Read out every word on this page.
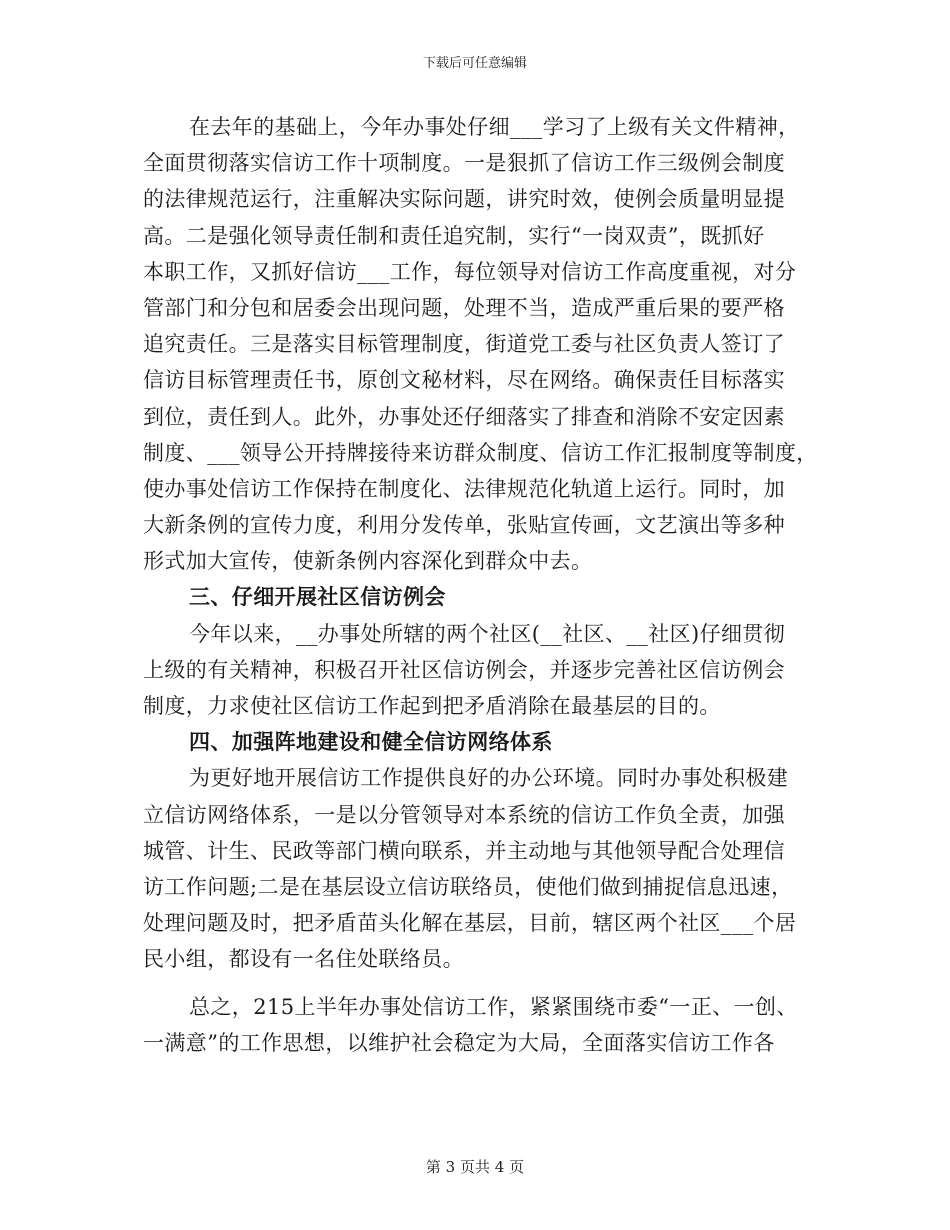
下载后可任意编辑
在去年的基础上，今年办事处仔细___学习了上级有关文件精神，
全面贯彻落实信访工作十项制度。一是狠抓了信访工作三级例会制度
的法律规范运行，注重解决实际问题，讲究时效，使例会质量明显提
高。二是强化领导责任制和责任追究制，实行“一岗双责”，既抓好
本职工作，又抓好信访___工作，每位领导对信访工作高度重视，对分
管部门和分包和居委会出现问题，处理不当，造成严重后果的要严格
追究责任。三是落实目标管理制度，街道党工委与社区负责人签订了
信访目标管理责任书，原创文秘材料，尽在网络。确保责任目标落实
到位，责任到人。此外，办事处还仔细落实了排查和消除不安定因素
制度、___领导公开持牌接待来访群众制度、信访工作汇报制度等制度，
使办事处信访工作保持在制度化、法律规范化轨道上运行。同时，加
大新条例的宣传力度，利用分发传单，张贴宣传画，文艺演出等多种
形式加大宣传，使新条例内容深化到群众中去。
三、仔细开展社区信访例会
今年以来，__办事处所辖的两个社区(__社区、__社区)仔细贯彻
上级的有关精神，积极召开社区信访例会，并逐步完善社区信访例会
制度，力求使社区信访工作起到把矛盾消除在最基层的目的。
四、加强阵地建设和健全信访网络体系
为更好地开展信访工作提供良好的办公环境。同时办事处积极建
立信访网络体系，一是以分管领导对本系统的信访工作负全责，加强
城管、计生、民政等部门横向联系，并主动地与其他领导配合处理信
访工作问题;二是在基层设立信访联络员，使他们做到捕捉信息迅速，
处理问题及时，把矛盾苗头化解在基层，目前，辖区两个社区___个居
民小组，都设有一名住处联络员。
总之，215上半年办事处信访工作，紧紧围绕市委“一正、一创、
一满意”的工作思想，以维护社会稳定为大局，全面落实信访工作各
第 3 页共 4 页
